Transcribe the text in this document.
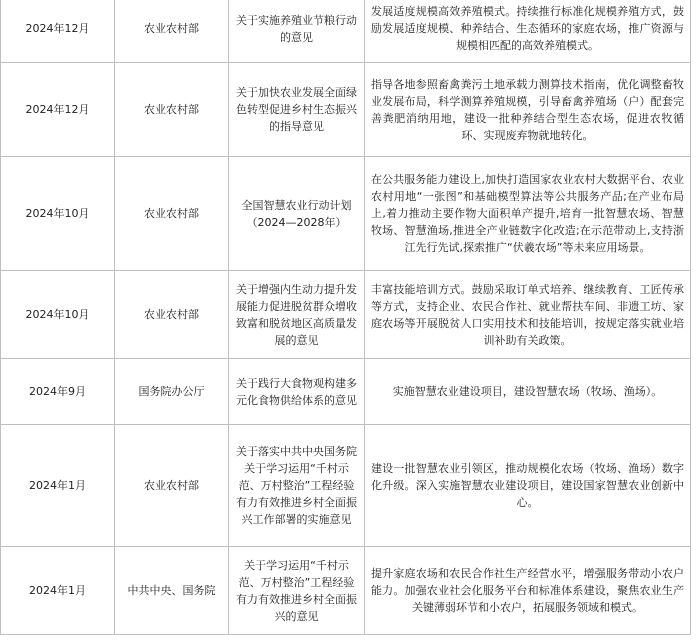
2024年12月	农业农村部	关于实施养殖业节粮行动的意见	发展适度规模高效养殖模式。持续推行标准化规模养殖方式，鼓励发展适度规模、种养结合、生态循环的家庭农场，推广资源与规模相匹配的高效养殖模式。
2024年12月	农业农村部	关于加快农业发展全面绿色转型促进乡村生态振兴的指导意见	指导各地参照畜禽粪污土地承载力测算技术指南，优化调整畜牧业发展布局，科学测算养殖规模，引导畜禽养殖场（户）配套完善粪肥消纳用地，建设一批种养结合型生态农场，促进农牧循环、实现废弃物就地转化。
2024年10月	农业农村部	全国智慧农业行动计划（2024—2028年）	在公共服务能力建设上,加快打造国家农业农村大数据平台、农业农村用地“一张图”和基础模型算法等公共服务产品;在产业布局上,着力推动主要作物大面积单产提升,培育一批智慧农场、智慧牧场、智慧渔场,推进全产业链数字化改造;在示范带动上,支持浙江先行先试,探索推广“伏羲农场”等未来应用场景。
2024年10月	农业农村部	关于增强内生动力提升发展能力促进脱贫群众增收致富和脱贫地区高质量发展的意见	丰富技能培训方式。鼓励采取订单式培养、继续教育、工匠传承等方式，支持企业、农民合作社、就业帮扶车间、非遗工坊、家庭农场等开展脱贫人口实用技术和技能培训，按规定落实就业培训补助有关政策。
2024年9月	国务院办公厅	关于践行大食物观构建多元化食物供给体系的意见	实施智慧农业建设项目，建设智慧农场（牧场、渔场）。
2024年1月	农业农村部	关于落实中共中央国务院关于学习运用“千村示范、万村整治”工程经验有力有效推进乡村全面振兴工作部署的实施意见	建设一批智慧农业引领区，推动规模化农场（牧场、渔场）数字化升级。深入实施智慧农业建设项目，建设国家智慧农业创新中心。
2024年1月	中共中央、国务院	关于学习运用“千村示范、万村整治”工程经验有力有效推进乡村全面振兴的意见	提升家庭农场和农民合作社生产经营水平，增强服务带动小农户能力。加强农业社会化服务平台和标准体系建设，聚焦农业生产关键薄弱环节和小农户，拓展服务领域和模式。
